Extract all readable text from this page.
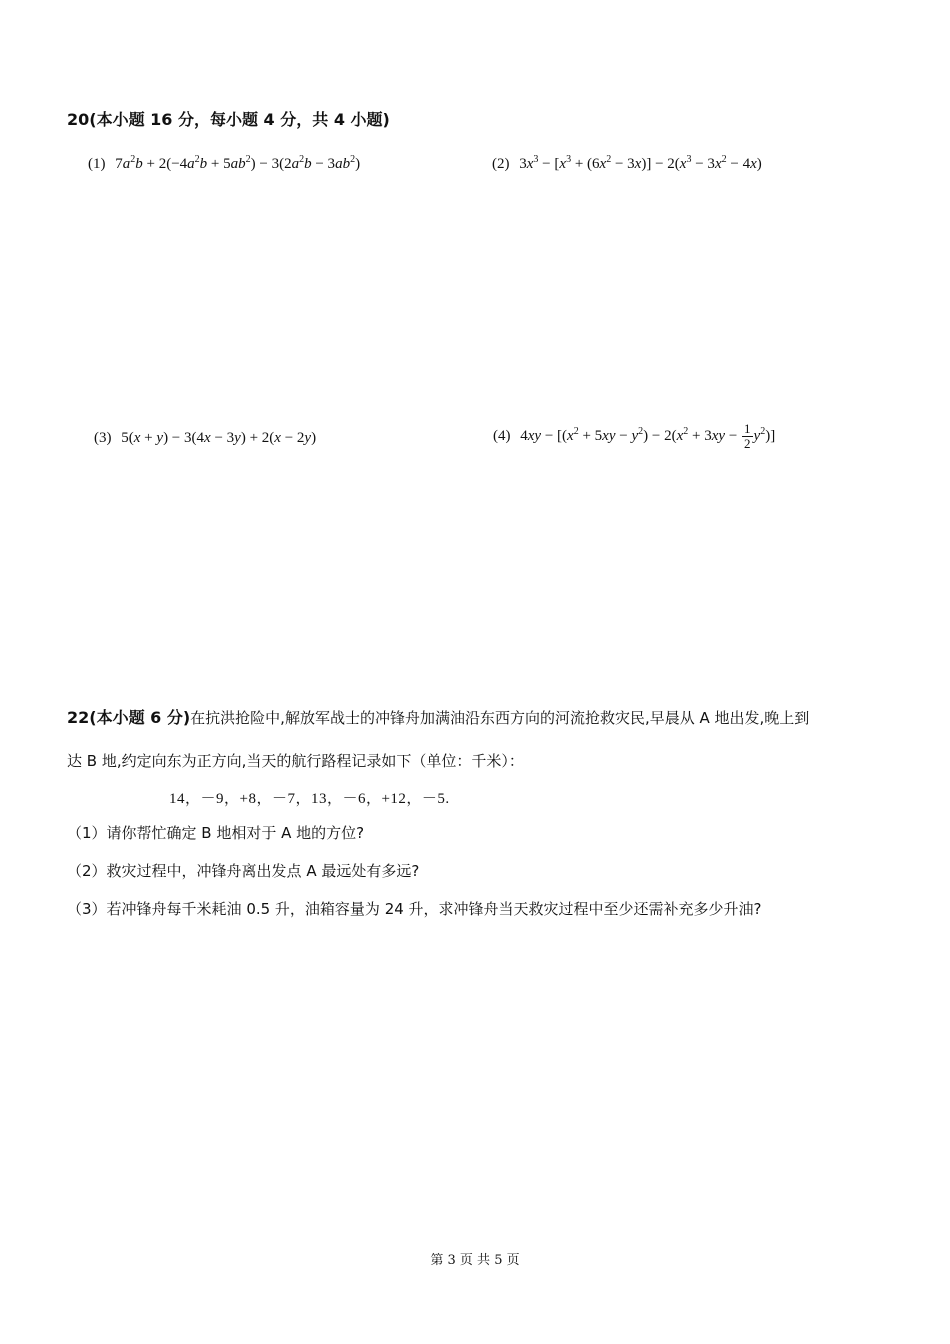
20(本小题 16 分，每小题 4 分，共 4 小题)
(1) $7a^2b + 2(-4a^2b + 5ab^2) - 3(2a^2b - 3ab^2)$	(2) $3x^3 - [x^3 + (6x^2 - 3x)] - 2(x^3 - 3x^2 - 4x)$
(3) 5(x + y) − 3(4x − 3y) + 2(x − 2y)	(4) $4xy - [(x^2 + 5xy - y^2) - 2(x^2 + 3xy - \frac{1}{2} y^2)]$
22(本小题 6 分)在抗洪抢险中,解放军战士的冲锋舟加满油沿东西方向的河流抢救灾民,早晨从 A 地出发,晚上到
达 B 地,约定向东为正方向,当天的航行路程记录如下（单位：千米）：
14，－9，+8，－7，13，－6，+12，－5.
（1）请你帮忙确定 B 地相对于 A 地的方位?
（2）救灾过程中，冲锋舟离出发点 A 最远处有多远?
（3）若冲锋舟每千米耗油 0.5 升，油箱容量为 24 升，求冲锋舟当天救灾过程中至少还需补充多少升油?
第 3 页 共 5 页
